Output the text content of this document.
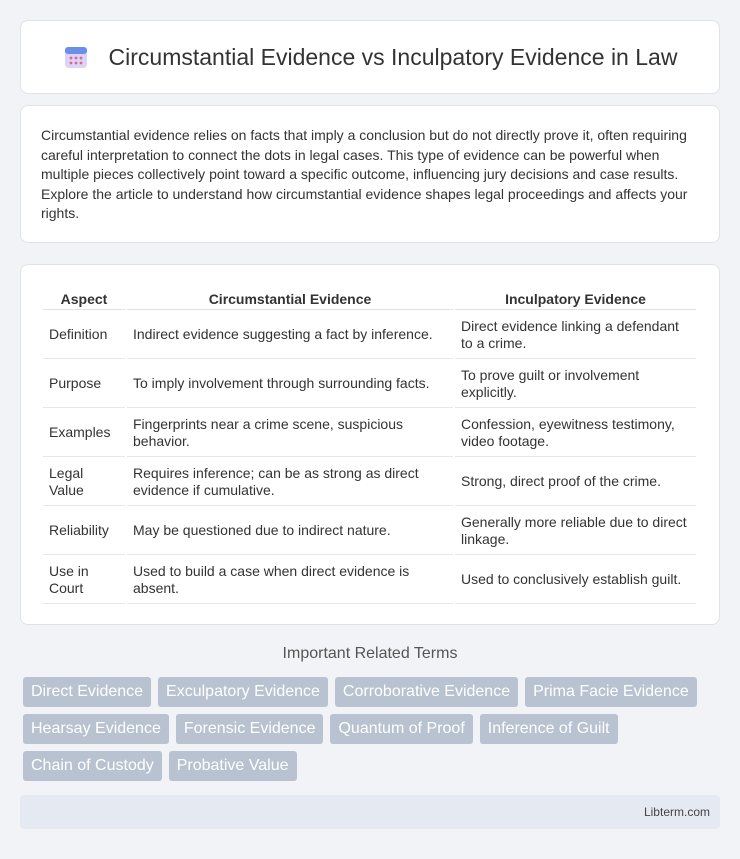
Circumstantial Evidence vs Inculpatory Evidence in Law

Circumstantial evidence relies on facts that imply a conclusion but do not directly prove it, often requiring careful interpretation to connect the dots in legal cases. This type of evidence can be powerful when multiple pieces collectively point toward a specific outcome, influencing jury decisions and case results. Explore the article to understand how circumstantial evidence shapes legal proceedings and affects your rights.

Aspect	Circumstantial Evidence	Inculpatory Evidence
Definition	Indirect evidence suggesting a fact by inference.	Direct evidence linking a defendant to a crime.
Purpose	To imply involvement through surrounding facts.	To prove guilt or involvement explicitly.
Examples	Fingerprints near a crime scene, suspicious behavior.	Confession, eyewitness testimony, video footage.
Legal Value	Requires inference; can be as strong as direct evidence if cumulative.	Strong, direct proof of the crime.
Reliability	May be questioned due to indirect nature.	Generally more reliable due to direct linkage.
Use in Court	Used to build a case when direct evidence is absent.	Used to conclusively establish guilt.
Important Related Terms
Direct Evidence	Exculpatory Evidence	Corroborative Evidence	Prima Facie Evidence
Hearsay Evidence	Forensic Evidence	Quantum of Proof	Inference of Guilt
Chain of Custody	Probative Value
Libterm.com
